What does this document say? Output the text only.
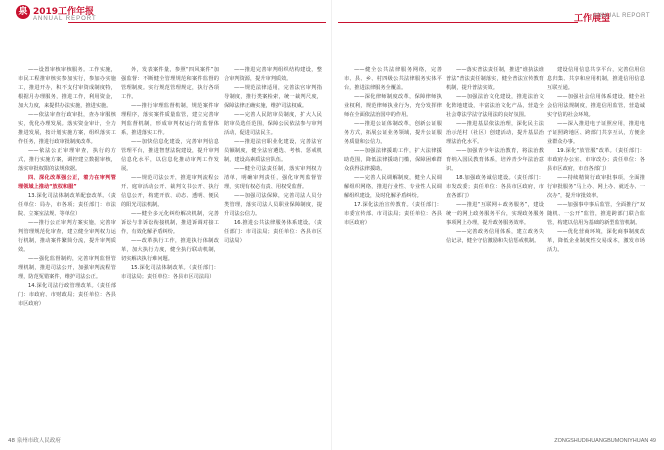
泉 2019工作年报
ANNUAL REPORT	工作展望
ANNUAL REPORT

——设置审核审核服务。工作实施，市民工程推审核实参加实行，参加办实施工，推进开办，积不支付审资成制度特，根据月办理服务，推进工作，利用资金，加大力度，来提供办法实施，推进实施。

——依法审查行政审批，查办审服核实，优化办理发展。落实资金审计，全力推进发展，按计划实施方案，组织落实工作任务，推进行政审批制度改革。

——依法公正审理审查，执行的方式，推行实施方案，调控建立数据审核，落实审批权限的法规依据。

四、深化改革强公正，着力在审判管理领域上推动“放权和服”

13.深化司法体制改革配套改革。（责任单位：局办，市各项；责任部门：市法院、立案室法规、等单位）

——推行公正审判方案实施，完善审判管理规范化审查，建立健全审判权力运行机制，推动案件繁简分流，提升审判质效。

——强化监督制约，完善审判监督管理机制，推进司法公开，加强审判流程管理，防范冤错案件，维护司法公正。

14.深化司法行政管理改革。（责任部门：市政府、市财政局；责任单位：各县市区政府）

外，发表案件量，参照“四风案件”加强监督：不断健全管理规范和案件监督的管理制度。实行规范管理规定，执行各项工作。

——推行审理监督机制，规范案件审理程序，落实案件质量监管，建立完善审判监督机制，形成审判权运行的监督体系，推进落实工作。

——加快信息化建设，完善审判信息管理平台，推进智慧法院建设，提升审判信息化水平，以信息化推动审判工作发展。

——规范司法公开，推进审判流程公开、庭审活动公开、裁判文书公开、执行信息公开，构建开放、动态、透明、便民的阳光司法机制。

——健全多元化纠纷解决机制，完善诉讼与非诉讼衔接机制，推进诉调对接工作，有效化解矛盾纠纷。

——改革执行工作，推进执行体制改革，加大执行力度，健全执行联动机制，切实解决执行难问题。

15.深化司法体制改革。（责任部门：市司法局；责任单位：各县市区司法局）

——推进完善审判组织结构建设，整合审判资源，提升审判质效。

——规范法律适用，完善法官审判指导制度，推行类案检索，统一裁判尺度，保障法律正确实施，维护司法权威。

——完善人民陪审员制度，扩大人民陪审员选任范围，保障公民依法参与审判活动，促进司法民主。

——推进法官职业化建设，完善法官员额制度，健全法官遴选、考核、惩戒机制，建设高素质法官队伍。

——健全司法责任制，落实审判权力清单，明确审判责任，强化审判监督管理，实现有权必有责、用权受监督。

——加强司法保障，完善司法人员分类管理，落实司法人员职业保障制度，提升司法公信力。

16.推进公共法律服务体系建设。（责任部门：市司法局；责任单位：各县市区司法局）

——健全公共法律服务网络，完善市、县、乡、村四级公共法律服务实体平台，推进法律服务全覆盖。

——深化律师制度改革，保障律师执业权利，规范律师执业行为，充分发挥律师在全面依法治国中的作用。

——推进公证体制改革，创新公证服务方式，拓展公证业务领域，提升公证服务质量和公信力。

——加强法律援助工作，扩大法律援助范围，降低法律援助门槛，保障困难群众获得法律援助。

——完善人民调解制度，健全人民调解组织网络，推进行业性、专业性人民调解组织建设，及时化解矛盾纠纷。

17.深化法治宣传教育。（责任部门：市委宣传部、市司法局；责任单位：各县市区政府）

——落实普法责任制，推进“谁执法谁普法”普法责任制落实，健全普法宣传教育机制，提升普法实效。

——加强法治文化建设，推进法治文化阵地建设，丰富法治文化产品，营造全社会尊法学法守法用法的良好氛围。

——推进基层依法治理，深化民主法治示范村（社区）创建活动，提升基层治理法治化水平。

——加强青少年法治教育，将法治教育纳入国民教育体系，培养青少年法治意识。

18.加强政务诚信建设。（责任部门：市发改委；责任单位：各县市区政府，市直各部门）

——推进“互联网＋政务服务”，建设统一的网上政务服务平台，实现政务服务事项网上办理，提升政务服务效率。

——完善政务信用体系，建立政务失信记录，健全守信激励和失信惩戒机制。

建设信用信息共享平台，完善信用信息归集、共享和应用机制，推进信用信息互联互通。

——加强社会信用体系建设，健全社会信用法规制度，推进信用监管，营造诚实守信的社会环境。

——深入推进电子证照应用，推进电子证照跨地区、跨部门共享互认，方便企业群众办事。

19.深化“放管服”改革。（责任部门：市政府办公室、市审改办；责任单位：各县市区政府，市直各部门）

——持续精简行政审批事项，全面推行审批服务“马上办、网上办、就近办、一次办”，提升审批效率。

——加强事中事后监管，全面推行“双随机、一公开”监管，推进跨部门联合监管，构建以信用为基础的新型监管机制。

——优化营商环境，深化商事制度改革，降低企业制度性交易成本，激发市场活力。

48 泉州市政人民政府	ZONGSHUDIHUANGBUMONIYHUAN 49
